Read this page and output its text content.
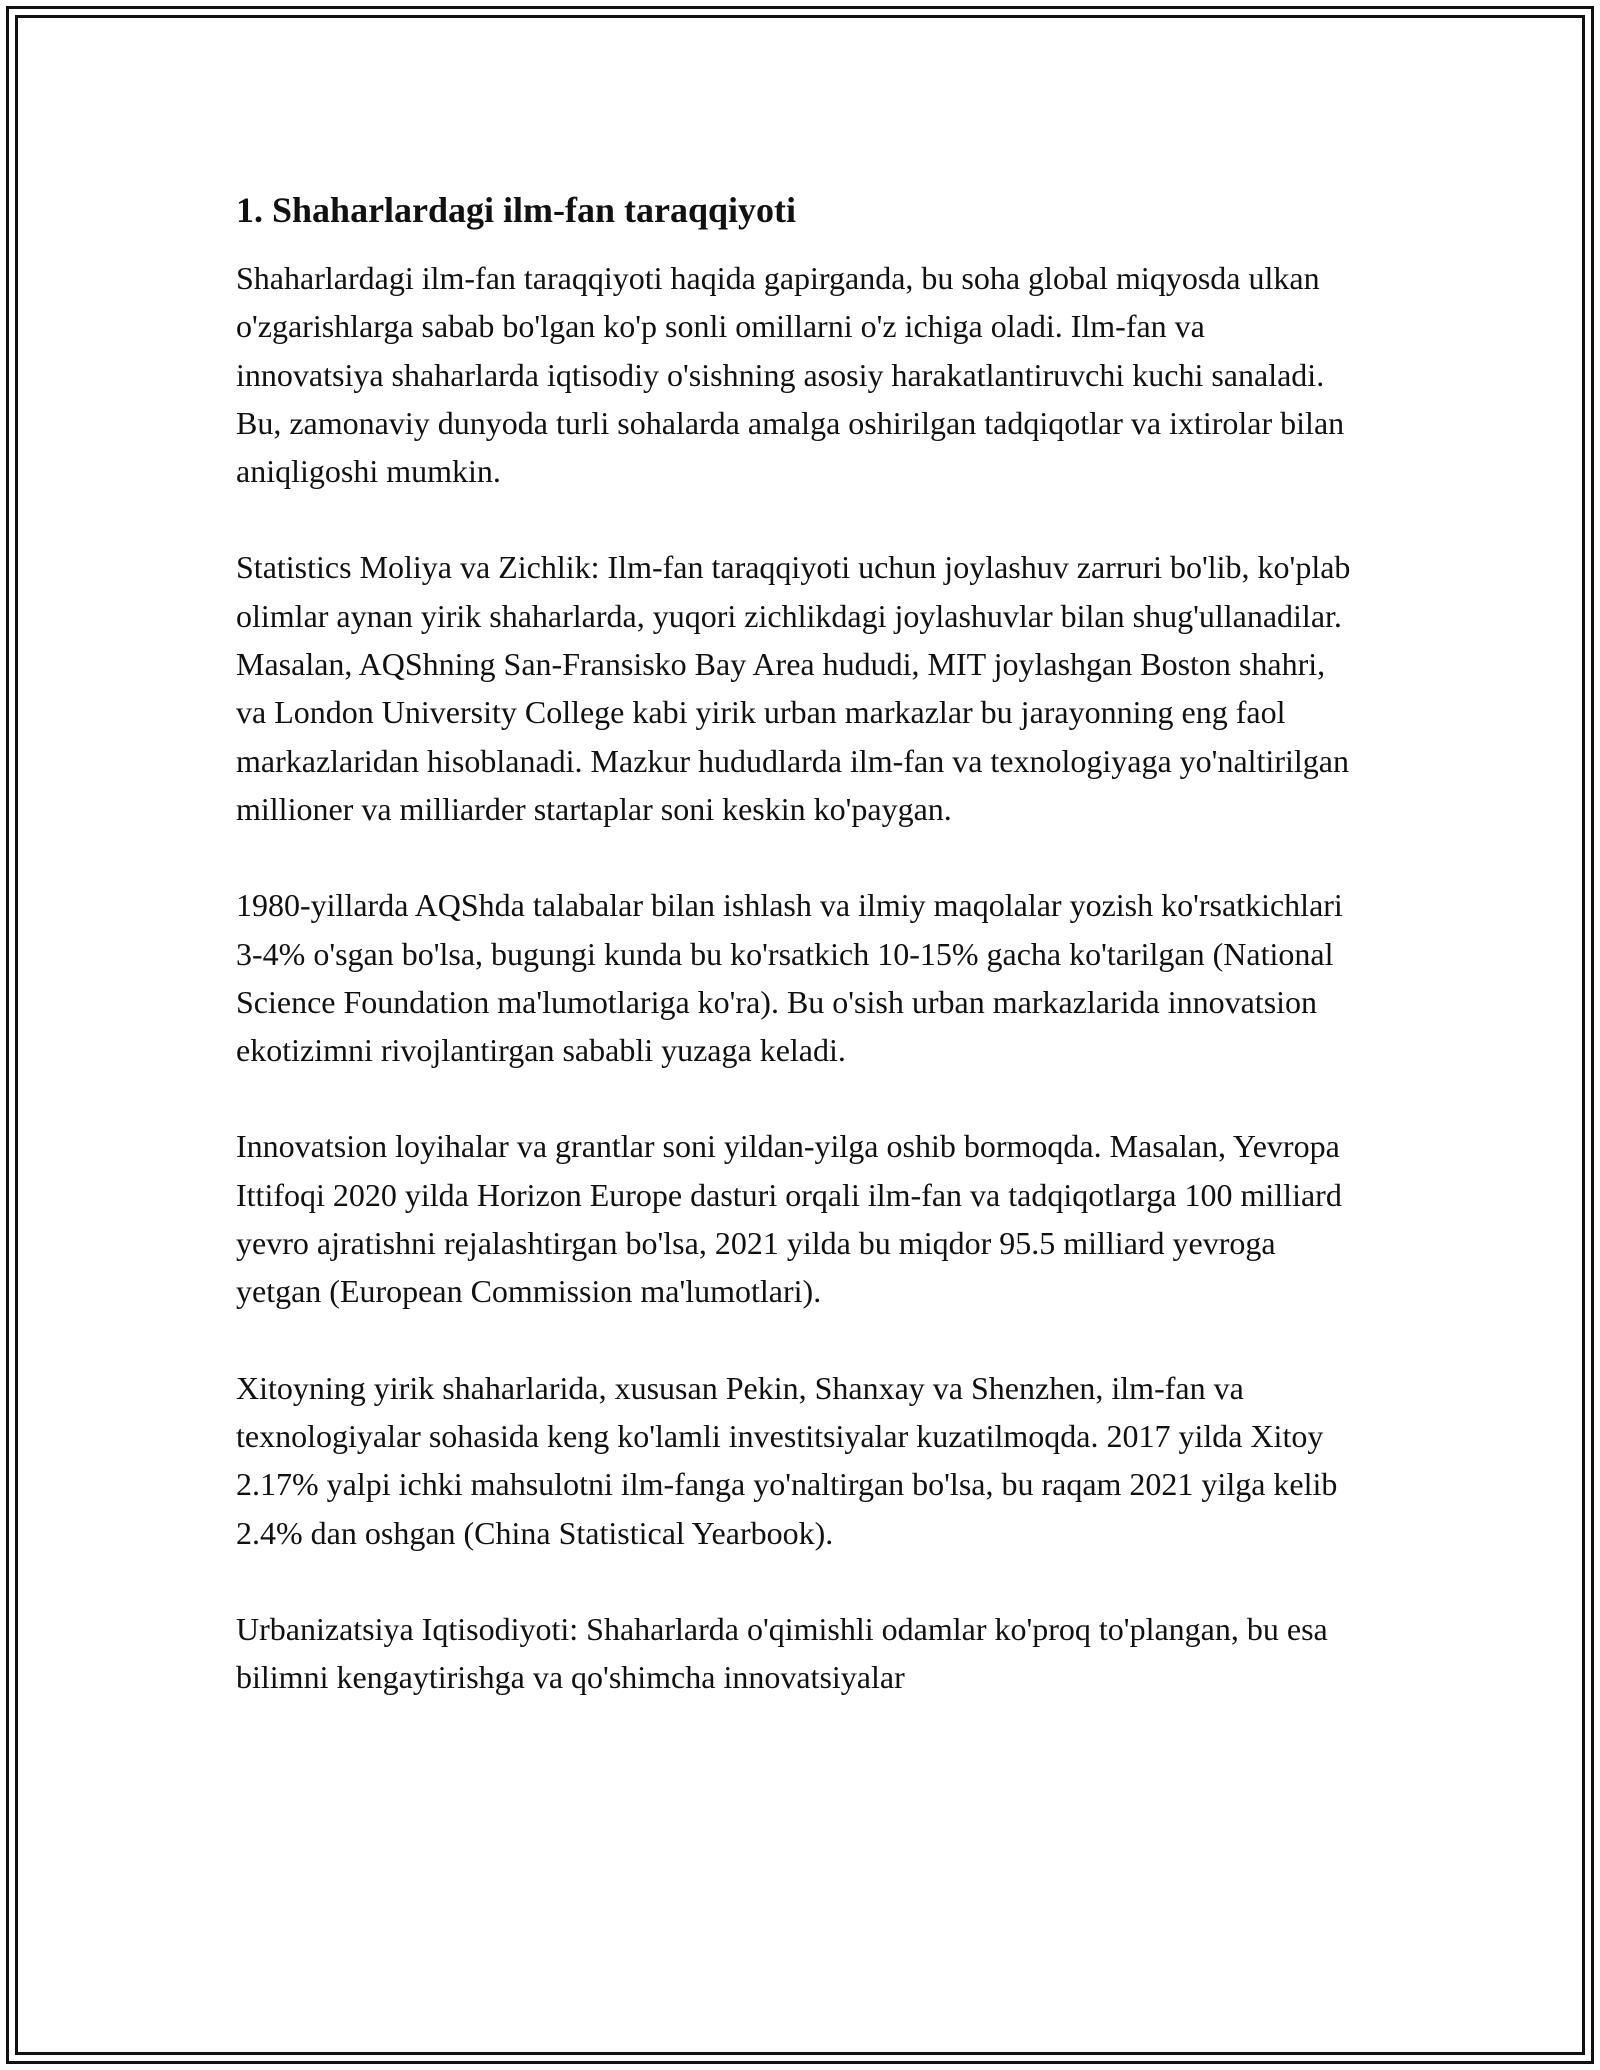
1. Shaharlardagi ilm-fan taraqqiyoti

Shaharlardagi ilm-fan taraqqiyoti haqida gapirganda, bu soha global miqyosda ulkan o'zgarishlarga sabab bo'lgan ko'p sonli omillarni o'z ichiga oladi. Ilm-fan va innovatsiya shaharlarda iqtisodiy o'sishning asosiy harakatlantiruvchi kuchi sanaladi. Bu, zamonaviy dunyoda turli sohalarda amalga oshirilgan tadqiqotlar va ixtirolar bilan aniqligoshi mumkin.

Statistics Moliya va Zichlik: Ilm-fan taraqqiyoti uchun joylashuv zarruri bo'lib, ko'plab olimlar aynan yirik shaharlarda, yuqori zichlikdagi joylashuvlar bilan shug'ullanadilar. Masalan, AQShning San-Fransisko Bay Area hududi, MIT joylashgan Boston shahri, va London University College kabi yirik urban markazlar bu jarayonning eng faol markazlaridan hisoblanadi. Mazkur hududlarda ilm-fan va texnologiyaga yo'naltirilgan millioner va milliarder startaplar soni keskin ko'paygan.

1980-yillarda AQShda talabalar bilan ishlash va ilmiy maqolalar yozish ko'rsatkichlari 3-4% o'sgan bo'lsa, bugungi kunda bu ko'rsatkich 10-15% gacha ko'tarilgan (National Science Foundation ma'lumotlariga ko'ra). Bu o'sish urban markazlarida innovatsion ekotizimni rivojlantirgan sababli yuzaga keladi.

Innovatsion loyihalar va grantlar soni yildan-yilga oshib bormoqda. Masalan, Yevropa Ittifoqi 2020 yilda Horizon Europe dasturi orqali ilm-fan va tadqiqotlarga 100 milliard yevro ajratishni rejalashtirgan bo'lsa, 2021 yilda bu miqdor 95.5 milliard yevroga yetgan (European Commission ma'lumotlari).

Xitoyning yirik shaharlarida, xususan Pekin, Shanxay va Shenzhen, ilm-fan va texnologiyalar sohasida keng ko'lamli investitsiyalar kuzatilmoqda. 2017 yilda Xitoy 2.17% yalpi ichki mahsulotni ilm-fanga yo'naltirgan bo'lsa, bu raqam 2021 yilga kelib 2.4% dan oshgan (China Statistical Yearbook).

Urbanizatsiya Iqtisodiyoti: Shaharlarda o'qimishli odamlar ko'proq to'plangan, bu esa bilimni kengaytirishga va qo'shimcha innovatsiyalar
